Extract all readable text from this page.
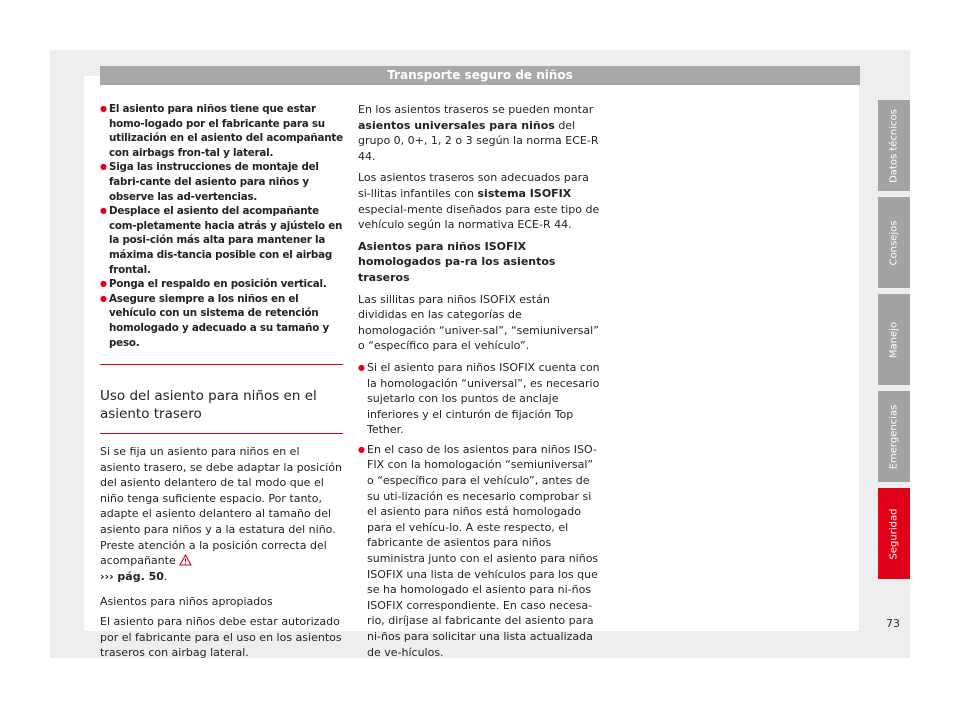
Transporte seguro de niños
● El asiento para niños tiene que estar homo-logado por el fabricante para su utilización en el asiento del acompañante con airbags fron-tal y lateral.
● Siga las instrucciones de montaje del fabri-cante del asiento para niños y observe las ad-vertencias.
● Desplace el asiento del acompañante com-pletamente hacia atrás y ajústelo en la posi-ción más alta para mantener la máxima dis-tancia posible con el airbag frontal.
● Ponga el respaldo en posición vertical.
● Asegure siempre a los niños en el vehículo con un sistema de retención homologado y adecuado a su tamaño y peso.
Uso del asiento para niños en el asiento trasero

Si se fija un asiento para niños en el asiento trasero, se debe adaptar la posición del asiento delantero de tal modo que el niño tenga suficiente espacio. Por tanto, adapte el asiento delantero al tamaño del asiento para niños y a la estatura del niño. Preste atención a la posición correcta del acompañante
››› pág. 50.

Asientos para niños apropiados

El asiento para niños debe estar autorizado por el fabricante para el uso en los asientos traseros con airbag lateral.

En los asientos traseros se pueden montar asientos universales para niños del grupo 0, 0+, 1, 2 o 3 según la norma ECE-R 44.

Los asientos traseros son adecuados para si-llitas infantiles con sistema ISOFIX especial-mente diseñados para este tipo de vehículo según la normativa ECE-R 44.

Asientos para niños ISOFIX homologados pa-ra los asientos traseros

Las sillitas para niños ISOFIX están divididas en las categorías de homologación “univer-sal”, “semiuniversal” o “específico para el vehículo”.

● Si el asiento para niños ISOFIX cuenta con la homologación “universal”, es necesario sujetarlo con los puntos de anclaje inferiores y el cinturón de fijación Top Tether.

● En el caso de los asientos para niños ISO-FIX con la homologación “semiuniversal” o “específico para el vehículo”, antes de su uti-lización es necesario comprobar si el asiento para niños está homologado para el vehícu-lo. A este respecto, el fabricante de asientos para niños suministra junto con el asiento para niños ISOFIX una lista de vehículos para los que se ha homologado el asiento para ni-ños ISOFIX correspondiente. En caso necesa-rio, diríjase al fabricante del asiento para ni-ños para solicitar una lista actualizada de ve-hículos.

Datos técnicos
Consejos
Manejo
Emergencias
Seguridad
73
